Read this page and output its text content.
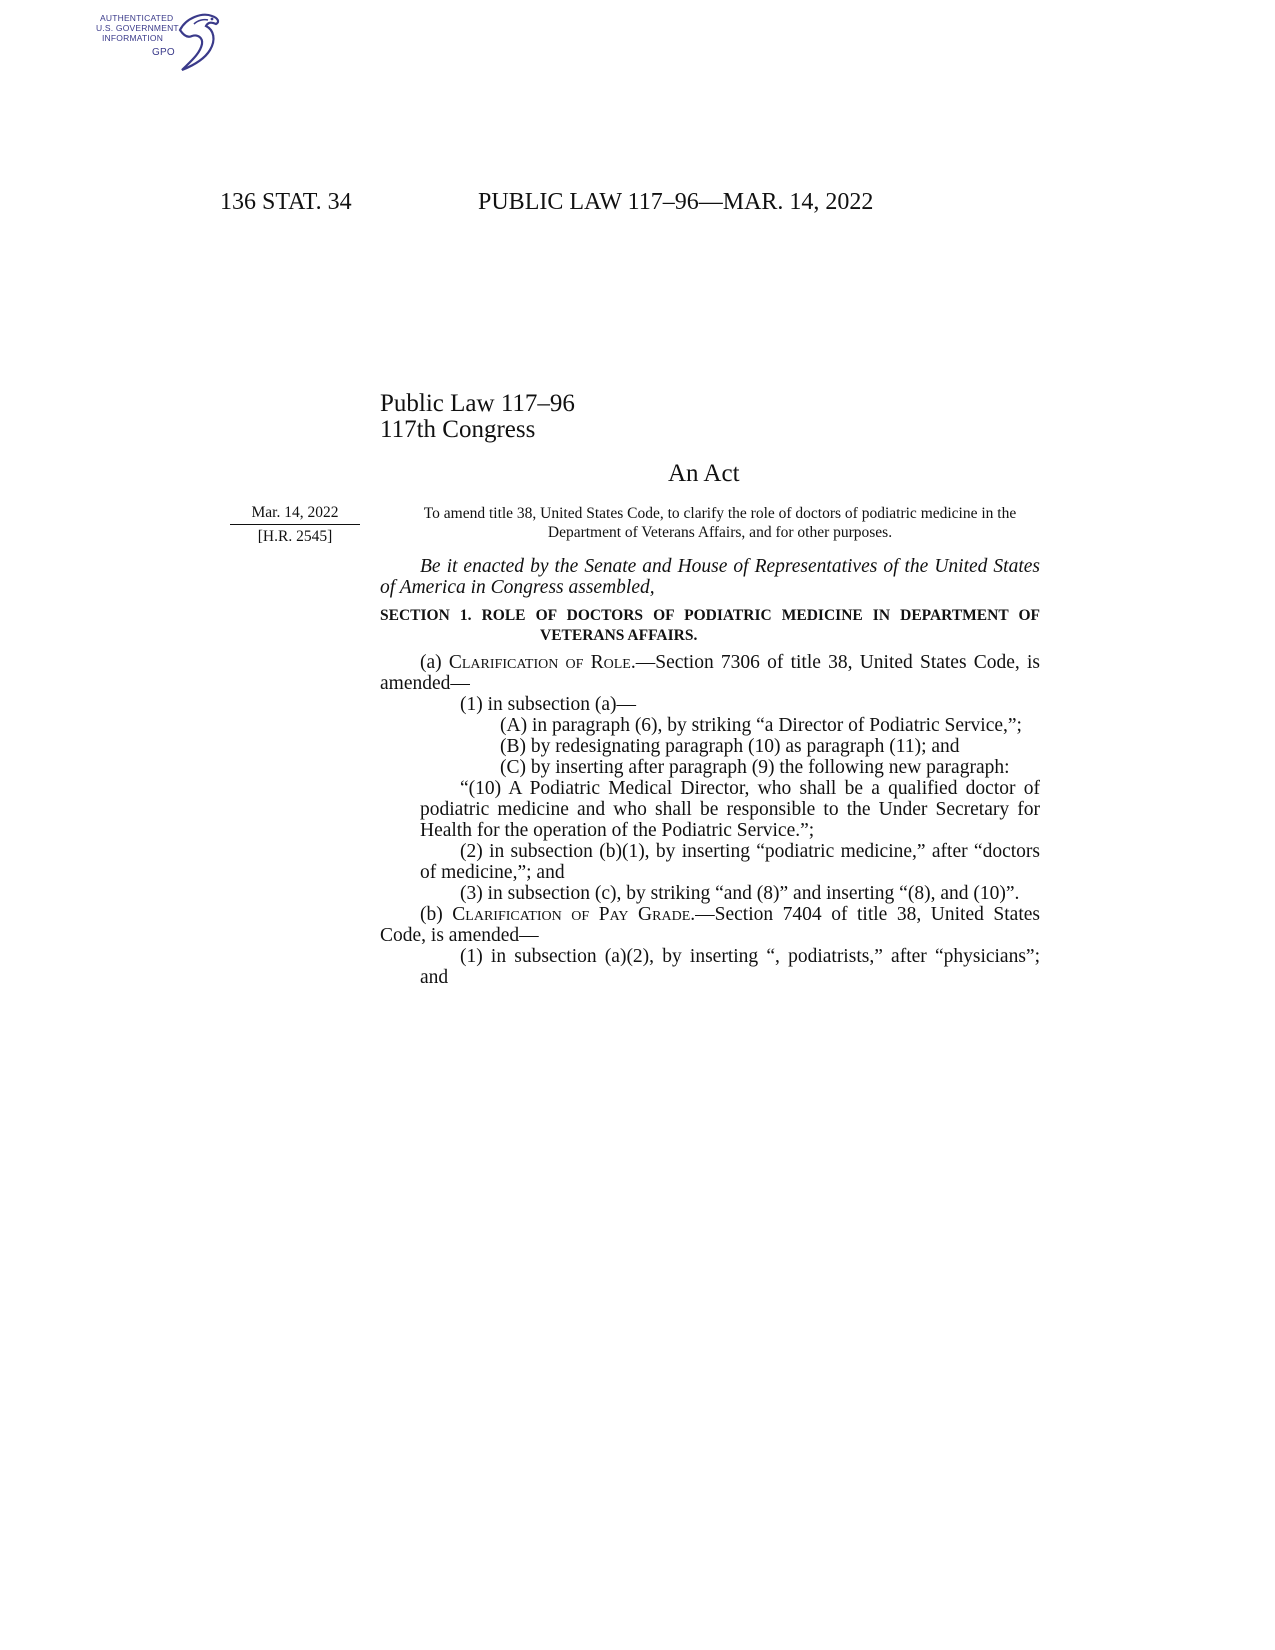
AUTHENTICATED
U.S. GOVERNMENT
INFORMATION
GPO
136 STAT. 34	PUBLIC LAW 117–96—MAR. 14, 2022
Public Law 117–96
117th Congress
An Act
Mar. 14, 2022
[H.R. 2545]
To amend title 38, United States Code, to clarify the role of doctors of podiatric medicine in the Department of Veterans Affairs, and for other purposes.

Be it enacted by the Senate and House of Representatives of the United States of America in Congress assembled,

SECTION 1. ROLE OF DOCTORS OF PODIATRIC MEDICINE IN DEPARTMENT OF VETERANS AFFAIRS.

(a) Clarification of Role.—Section 7306 of title 38, United States Code, is amended—

(1) in subsection (a)—

(A) in paragraph (6), by striking “a Director of Podiatric Service,”;

(B) by redesignating paragraph (10) as paragraph (11); and

(C) by inserting after paragraph (9) the following new paragraph:

“(10) A Podiatric Medical Director, who shall be a qualified doctor of podiatric medicine and who shall be responsible to the Under Secretary for Health for the operation of the Podiatric Service.”;

(2) in subsection (b)(1), by inserting “podiatric medicine,” after “doctors of medicine,”; and

(3) in subsection (c), by striking “and (8)” and inserting “(8), and (10)”.

(b) Clarification of Pay Grade.—Section 7404 of title 38, United States Code, is amended—

(1) in subsection (a)(2), by inserting “, podiatrists,” after “physicians”; and
